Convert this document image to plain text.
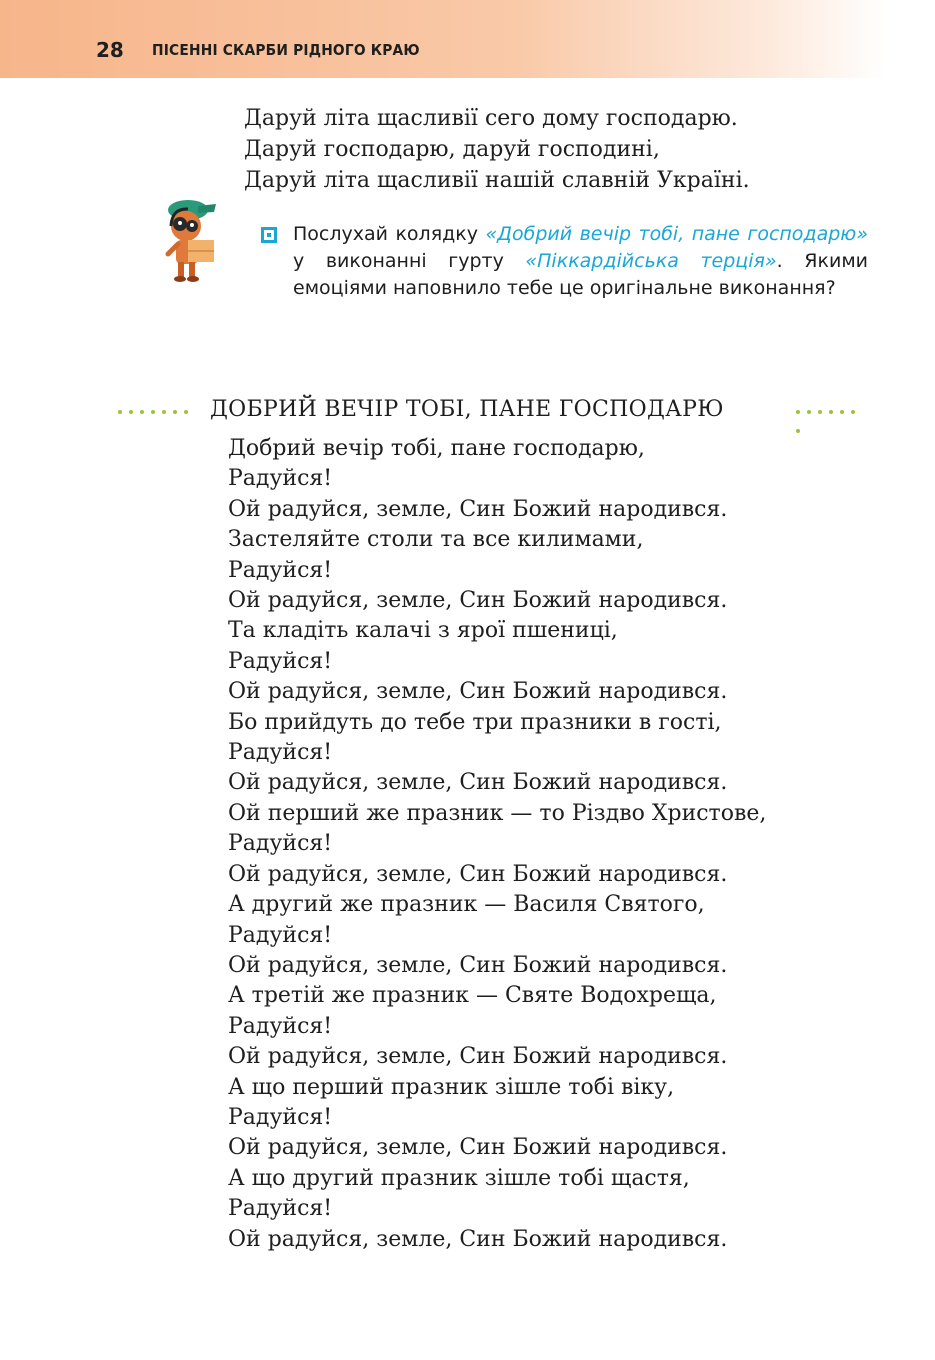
28 ПІСЕННІ СКАРБИ РІДНОГО КРАЮ
Даруй літа щасливії сего дому господарю.
Даруй господарю, даруй господині,
Даруй літа щасливії нашій славній Україні.
Послухай колядку «Добрий вечір тобі, пане господарю» у виконанні гурту «Піккардійська терція». Якими емоціями наповнило тебе це оригінальне виконання?
ДОБРИЙ ВЕЧІР ТОБІ, ПАНЕ ГОСПОДАРЮ
Добрий вечір тобі, пане господарю,
Радуйся!
Ой радуйся, земле, Син Божий народився.
Застеляйте столи та все килимами,
Радуйся!
Ой радуйся, земле, Син Божий народився.
Та кладіть калачі з ярої пшениці,
Радуйся!
Ой радуйся, земле, Син Божий народився.
Бо прийдуть до тебе три празники в гості,
Радуйся!
Ой радуйся, земле, Син Божий народився.
Ой перший же празник — то Різдво Христове,
Радуйся!
Ой радуйся, земле, Син Божий народився.
А другий же празник — Василя Святого,
Радуйся!
Ой радуйся, земле, Син Божий народився.
А третій же празник — Святе Водохреща,
Радуйся!
Ой радуйся, земле, Син Божий народився.
А що перший празник зішле тобі віку,
Радуйся!
Ой радуйся, земле, Син Божий народився.
А що другий празник зішле тобі щастя,
Радуйся!
Ой радуйся, земле, Син Божий народився.
